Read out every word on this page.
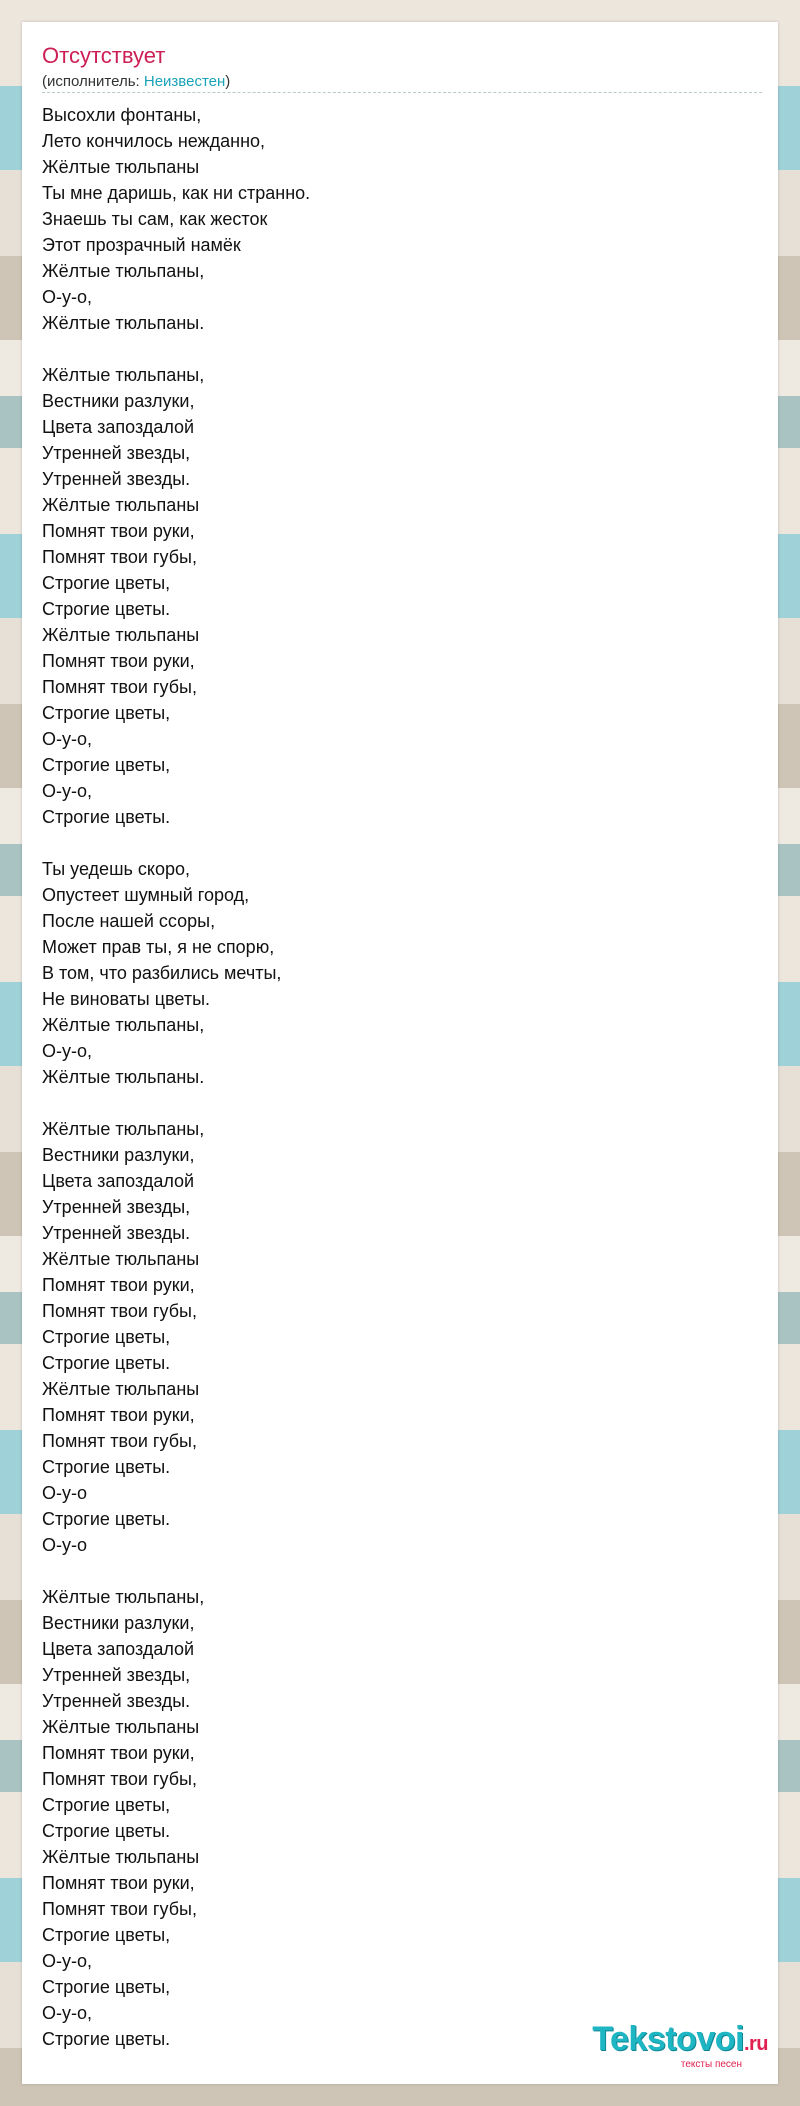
Отсутствует
(исполнитель: Неизвестен)
Высохли фонтаны,
Лето кончилось нежданно,
Жёлтые тюльпаны
Ты мне даришь, как ни странно.
Знаешь ты сам, как жесток
Этот прозрачный намёк
Жёлтые тюльпаны,
О-у-о,
Жёлтые тюльпаны.
Жёлтые тюльпаны,
Вестники разлуки,
Цвета запоздалой
Утренней звезды,
Утренней звезды.
Жёлтые тюльпаны
Помнят твои руки,
Помнят твои губы,
Строгие цветы,
Строгие цветы.
Жёлтые тюльпаны
Помнят твои руки,
Помнят твои губы,
Строгие цветы,
О-у-о,
Строгие цветы,
О-у-о,
Строгие цветы.
Ты уедешь скоро,
Опустеет шумный город,
После нашей ссоры,
Может прав ты, я не спорю,
В том, что разбились мечты,
Не виноваты цветы.
Жёлтые тюльпаны,
О-у-о,
Жёлтые тюльпаны.
Жёлтые тюльпаны,
Вестники разлуки,
Цвета запоздалой
Утренней звезды,
Утренней звезды.
Жёлтые тюльпаны
Помнят твои руки,
Помнят твои губы,
Строгие цветы,
Строгие цветы.
Жёлтые тюльпаны
Помнят твои руки,
Помнят твои губы,
Строгие цветы.
О-у-о
Строгие цветы.
О-у-о
Жёлтые тюльпаны,
Вестники разлуки,
Цвета запоздалой
Утренней звезды,
Утренней звезды.
Жёлтые тюльпаны
Помнят твои руки,
Помнят твои губы,
Строгие цветы,
Строгие цветы.
Жёлтые тюльпаны
Помнят твои руки,
Помнят твои губы,
Строгие цветы,
О-у-о,
Строгие цветы,
О-у-о,
Строгие цветы.	Tekstovoi.ru
тексты песен
